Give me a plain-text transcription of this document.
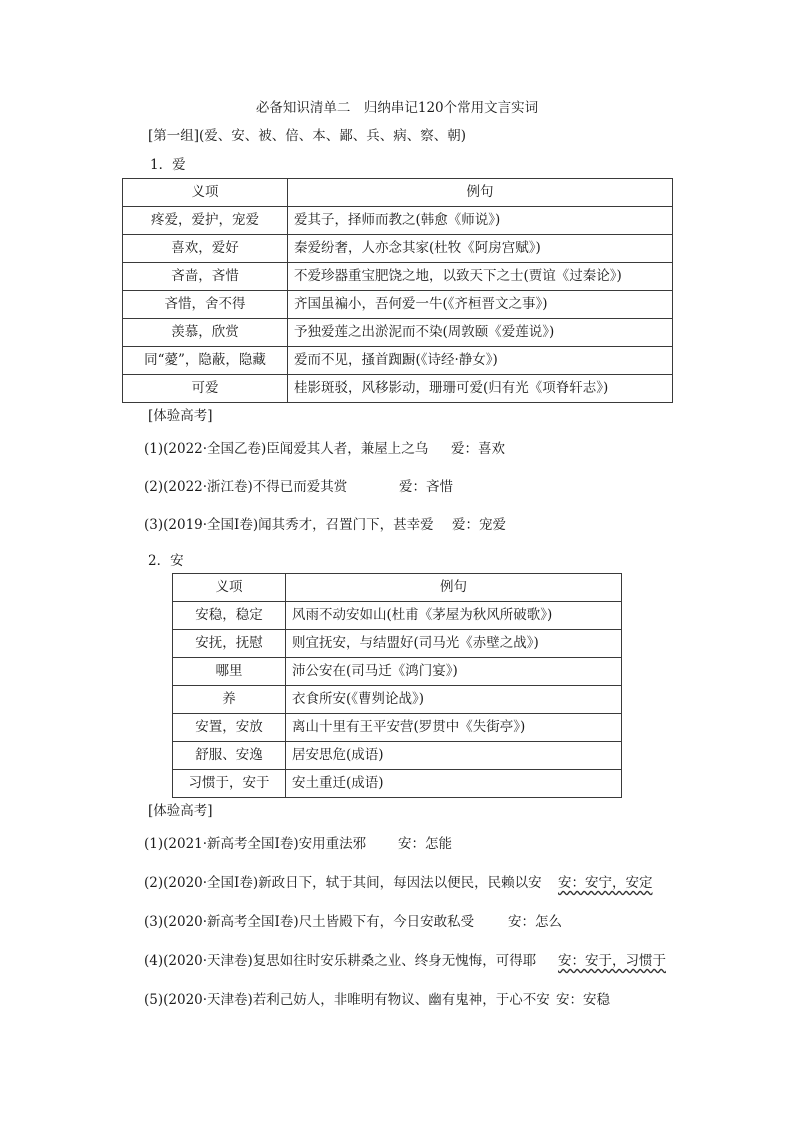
必备知识清单二　归纳串记120个常用文言实词
[第一组](爱、安、被、倍、本、鄙、兵、病、察、朝)
1．爱
义项	例句
疼爱，爱护，宠爱	爱其子，择师而教之(韩愈《师说》)
喜欢，爱好	秦爱纷奢，人亦念其家(杜牧《阿房宫赋》)
吝啬，吝惜	不爱珍器重宝肥饶之地，以致天下之士(贾谊《过秦论》)
吝惜，舍不得	齐国虽褊小，吾何爱一牛(《齐桓晋文之事》)
羡慕，欣赏	予独爱莲之出淤泥而不染(周敦颐《爱莲说》)
同“薆”，隐蔽，隐藏	爱而不见，搔首踟蹰(《诗经·静女》)
可爱	桂影斑驳，风移影动，珊珊可爱(归有光《项脊轩志》)
[体验高考]
(1)(2022·全国乙卷)臣闻爱其人者，兼屋上之乌 爱：喜欢
(2)(2022·浙江卷)不得已而爱其赏	爱：吝惜
(3)(2019·全国Ⅰ卷)闻其秀才，召置门下，甚幸爱 爱：宠爱
2．安
义项	例句
安稳，稳定	风雨不动安如山(杜甫《茅屋为秋风所破歌》)
安抚，抚慰	则宜抚安，与结盟好(司马光《赤壁之战》)
哪里	沛公安在(司马迁《鸿门宴》)
养	衣食所安(《曹刿论战》)
安置，安放	离山十里有王平安营(罗贯中《失街亭》)
舒服、安逸	居安思危(成语)
习惯于，安于	安土重迁(成语)
[体验高考]
(1)(2021·新高考全国Ⅰ卷)安用重法邪 安：怎能
(2)(2020·全国Ⅰ卷)新政日下，轼于其间，每因法以便民，民赖以安 安：安宁，安定
(3)(2020·新高考全国Ⅰ卷)尺土皆殿下有，今日安敢私受	安：怎么
(4)(2020·天津卷)复思如往时安乐耕桑之业、终身无愧悔，可得耶 安：安于，习惯于
(5)(2020·天津卷)若利己妨人，非唯明有物议、幽有鬼神，于心不安 安：安稳
